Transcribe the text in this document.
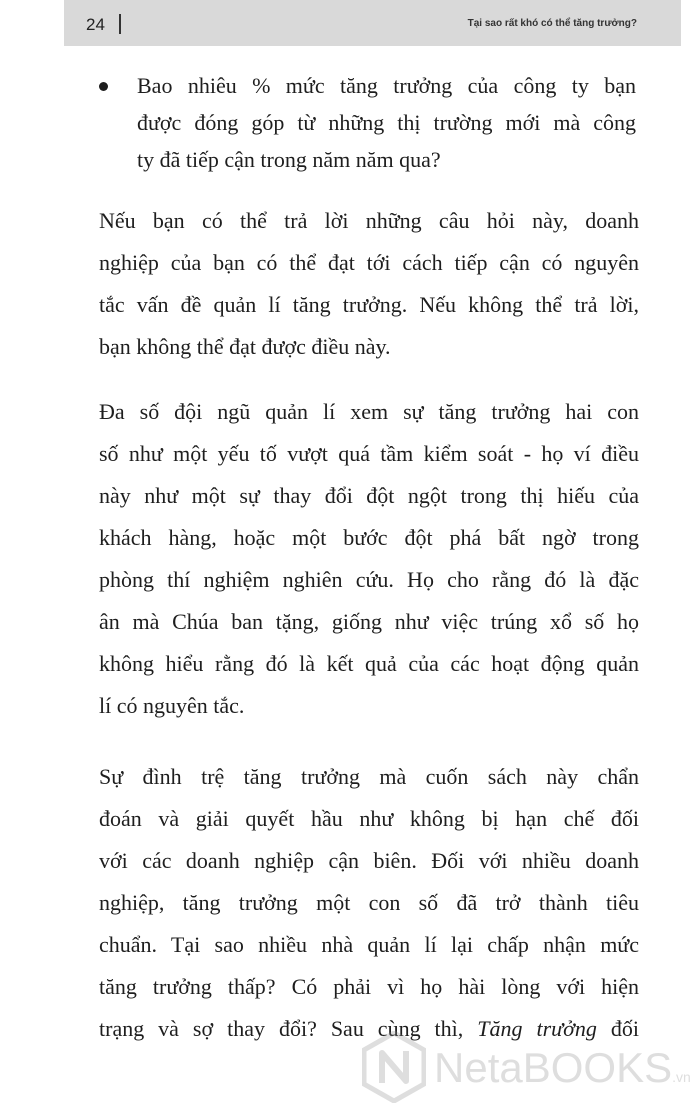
24	Tại sao rất khó có thể tăng trưởng?
Bao nhiêu % mức tăng trưởng của công ty bạn
được đóng góp từ những thị trường mới mà công
ty đã tiếp cận trong năm năm qua?
Nếu bạn có thể trả lời những câu hỏi này, doanh
nghiệp của bạn có thể đạt tới cách tiếp cận có nguyên
tắc vấn đề quản lí tăng trưởng. Nếu không thể trả lời,
bạn không thể đạt được điều này.
Đa số đội ngũ quản lí xem sự tăng trưởng hai con
số như một yếu tố vượt quá tầm kiểm soát - họ ví điều
này như một sự thay đổi đột ngột trong thị hiếu của
khách hàng, hoặc một bước đột phá bất ngờ trong
phòng thí nghiệm nghiên cứu. Họ cho rằng đó là đặc
ân mà Chúa ban tặng, giống như việc trúng xổ số họ
không hiểu rằng đó là kết quả của các hoạt động quản
lí có nguyên tắc.
Sự đình trệ tăng trưởng mà cuốn sách này chẩn
đoán và giải quyết hầu như không bị hạn chế đối
với các doanh nghiệp cận biên. Đối với nhiều doanh
nghiệp, tăng trưởng một con số đã trở thành tiêu
chuẩn. Tại sao nhiều nhà quản lí lại chấp nhận mức
tăng trưởng thấp? Có phải vì họ hài lòng với hiện
trạng và sợ thay đổi? Sau cùng thì, Tăng trưởng đối
NetaBOOKS.vn
